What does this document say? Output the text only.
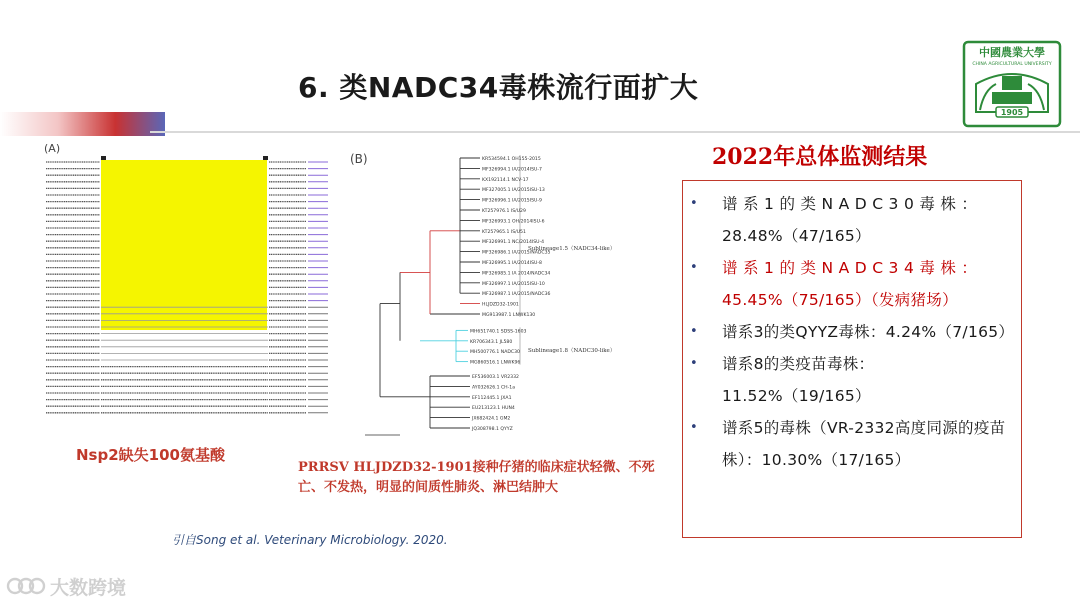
6. 类NADC34毒株流行面扩大
中國農業大學
CHINA AGRICULTURAL UNIVERSITY
1905
(A)
Nsp2缺失100氨基酸
(B)
JQ308798.1 QYYZ
JX682424.1 GM2
EU213123.1 HUN4
EF112445.1 JXA1
AY032626.1 CH-1a
EF536003.1 VR2332
MG860516.1 LNWK96
MH500776.1 NADC30
KR706343.1 JL580
MH651740.1 SDSS-1603
MG913987.1 LNWK130
HLJDZD32-1901
MF326987.1 IA/2015/NADC36
MF326997.1 IA/2015ISU-10
MF326985.1 IA 2014/NADC34
MF326995.1 IA/2014ISU-8
MF326986.1 IA/2015/NADC35
MF326991.1 NC/2014ISU-4
KT257965.1 IS/U51
MF326993.1 OH/2014ISU-6
KT257976.1 IS/U29
MF326996.1 IA/2015ISU-9
MF327005.1 IA/2015ISU-13
KX192114.1 NCV-17
MF326994.1 IA/2014ISU-7
KR534594.1 OH155-2015
Sublineage1.5（NADC34-like）
Sublineage1.8（NADC30-like）
PRRSV HLJDZD32-1901接种仔猪的临床症状轻微、不死亡、不发热，明显的间质性肺炎、淋巴结肿大
引自Song et al. Veterinary Microbiology. 2020.
2022年总体监测结果
• 谱 系 1 的 类 N A D C 3 0 毒 株 ： 28.48%（47/165）
• 谱 系 1 的 类 N A D C 3 4 毒 株 ： 45.45%（75/165）（发病猪场）
• 谱系3的类QYYZ毒株：4.24%（7/165）
• 谱系8的类疫苗毒株：11.52%（19/165）
• 谱系5的毒株（VR-2332高度同源的疫苗株）：10.30%（17/165）
大数跨境
